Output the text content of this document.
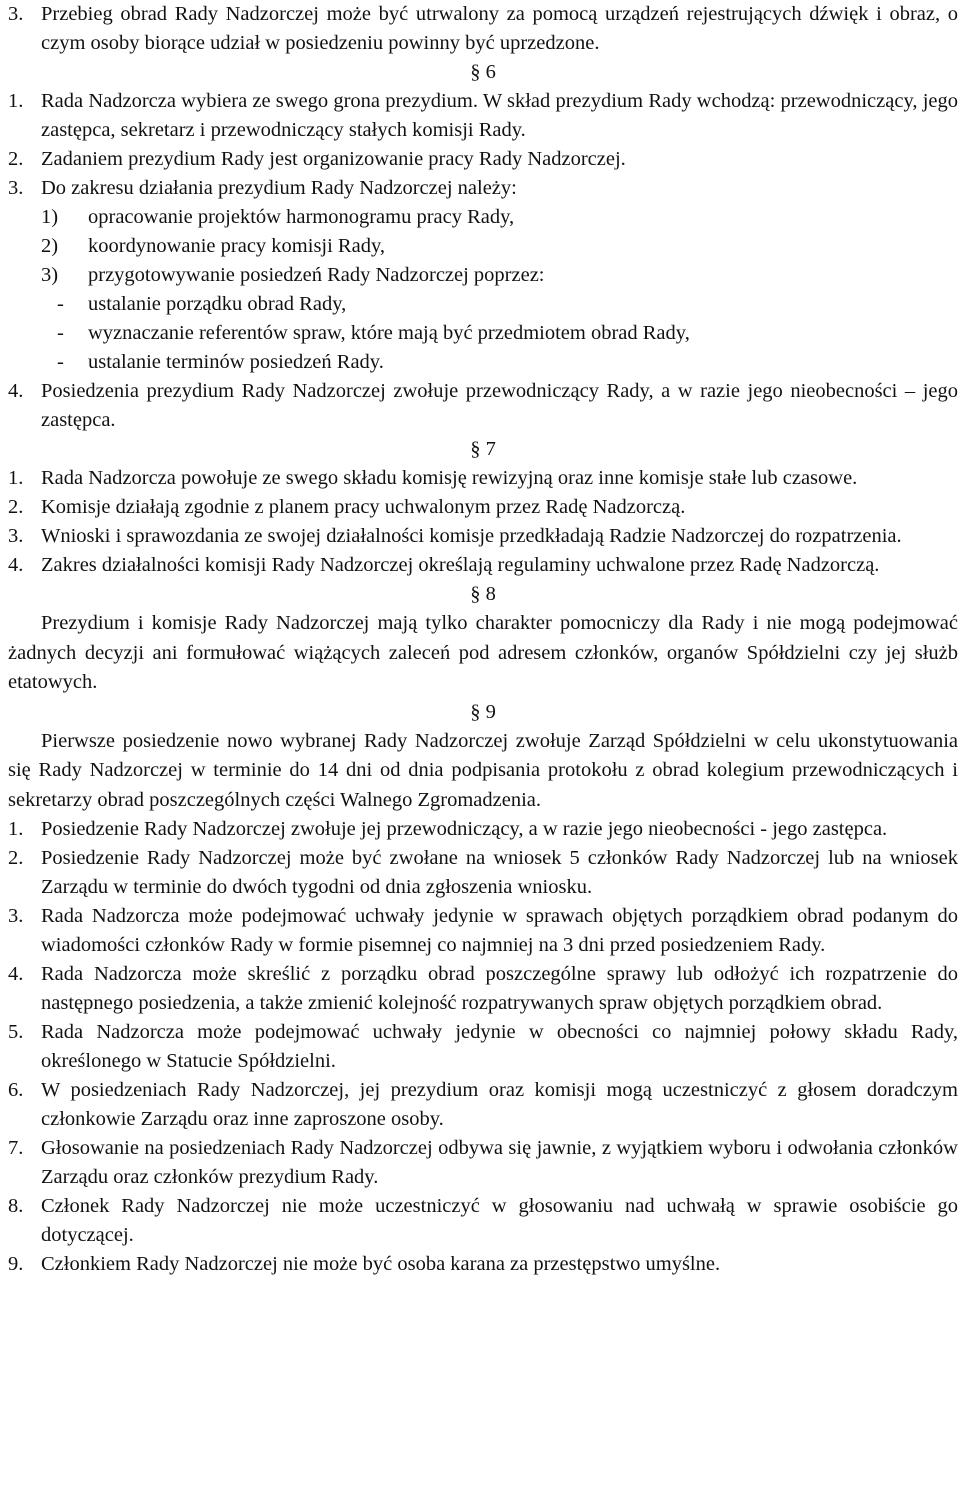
3. Przebieg obrad Rady Nadzorczej może być utrwalony za pomocą urządzeń rejestrujących dźwięk i obraz, o czym osoby biorące udział w posiedzeniu powinny być uprzedzone.
§ 6
1. Rada Nadzorcza wybiera ze swego grona prezydium. W skład prezydium Rady wchodzą: przewodniczący, jego zastępca, sekretarz i przewodniczący stałych komisji Rady.
2. Zadaniem prezydium Rady jest organizowanie pracy Rady Nadzorczej.
3. Do zakresu działania prezydium Rady Nadzorczej należy:
1) opracowanie projektów harmonogramu pracy Rady,
2) koordynowanie pracy komisji Rady,
3) przygotowywanie posiedzeń Rady Nadzorczej poprzez:
- ustalanie porządku obrad Rady,
- wyznaczanie referentów spraw, które mają być przedmiotem obrad Rady,
- ustalanie terminów posiedzeń Rady.
4. Posiedzenia prezydium Rady Nadzorczej zwołuje przewodniczący Rady, a w razie jego nieobecności – jego zastępca.
§ 7
1. Rada Nadzorcza powołuje ze swego składu komisję rewizyjną oraz inne komisje stałe lub czasowe.
2. Komisje działają zgodnie z planem pracy uchwalonym przez Radę Nadzorczą.
3. Wnioski i sprawozdania ze swojej działalności komisje przedkładają Radzie Nadzorczej do rozpatrzenia.
4. Zakres działalności komisji Rady Nadzorczej określają regulaminy uchwalone przez Radę Nadzorczą.
§ 8
Prezydium i komisje Rady Nadzorczej mają tylko charakter pomocniczy dla Rady i nie mogą podejmować żadnych decyzji ani formułować wiążących zaleceń pod adresem członków, organów Spółdzielni czy jej służb etatowych.
§ 9
Pierwsze posiedzenie nowo wybranej Rady Nadzorczej zwołuje Zarząd Spółdzielni w celu ukonstytuowania się Rady Nadzorczej w terminie do 14 dni od dnia podpisania protokołu z obrad kolegium przewodniczących i sekretarzy obrad poszczególnych części Walnego Zgromadzenia.
1. Posiedzenie Rady Nadzorczej zwołuje jej przewodniczący, a w razie jego nieobecności - jego zastępca.
2. Posiedzenie Rady Nadzorczej może być zwołane na wniosek 5 członków Rady Nadzorczej lub na wniosek Zarządu w terminie do dwóch tygodni od dnia zgłoszenia wniosku.
3. Rada Nadzorcza może podejmować uchwały jedynie w sprawach objętych porządkiem obrad podanym do wiadomości członków Rady w formie pisemnej co najmniej na 3 dni przed posiedzeniem Rady.
4. Rada Nadzorcza może skreślić z porządku obrad poszczególne sprawy lub odłożyć ich rozpatrzenie do następnego posiedzenia, a także zmienić kolejność rozpatrywanych spraw objętych porządkiem obrad.
5. Rada Nadzorcza może podejmować uchwały jedynie w obecności co najmniej połowy składu Rady, określonego w Statucie Spółdzielni.
6. W posiedzeniach Rady Nadzorczej, jej prezydium oraz komisji mogą uczestniczyć z głosem doradczym członkowie Zarządu oraz inne zaproszone osoby.
7. Głosowanie na posiedzeniach Rady Nadzorczej odbywa się jawnie, z wyjątkiem wyboru i odwołania członków Zarządu oraz członków prezydium Rady.
8. Członek Rady Nadzorczej nie może uczestniczyć w głosowaniu nad uchwałą w sprawie osobiście go dotyczącej.
9. Członkiem Rady Nadzorczej nie może być osoba karana za przestępstwo umyślne.
